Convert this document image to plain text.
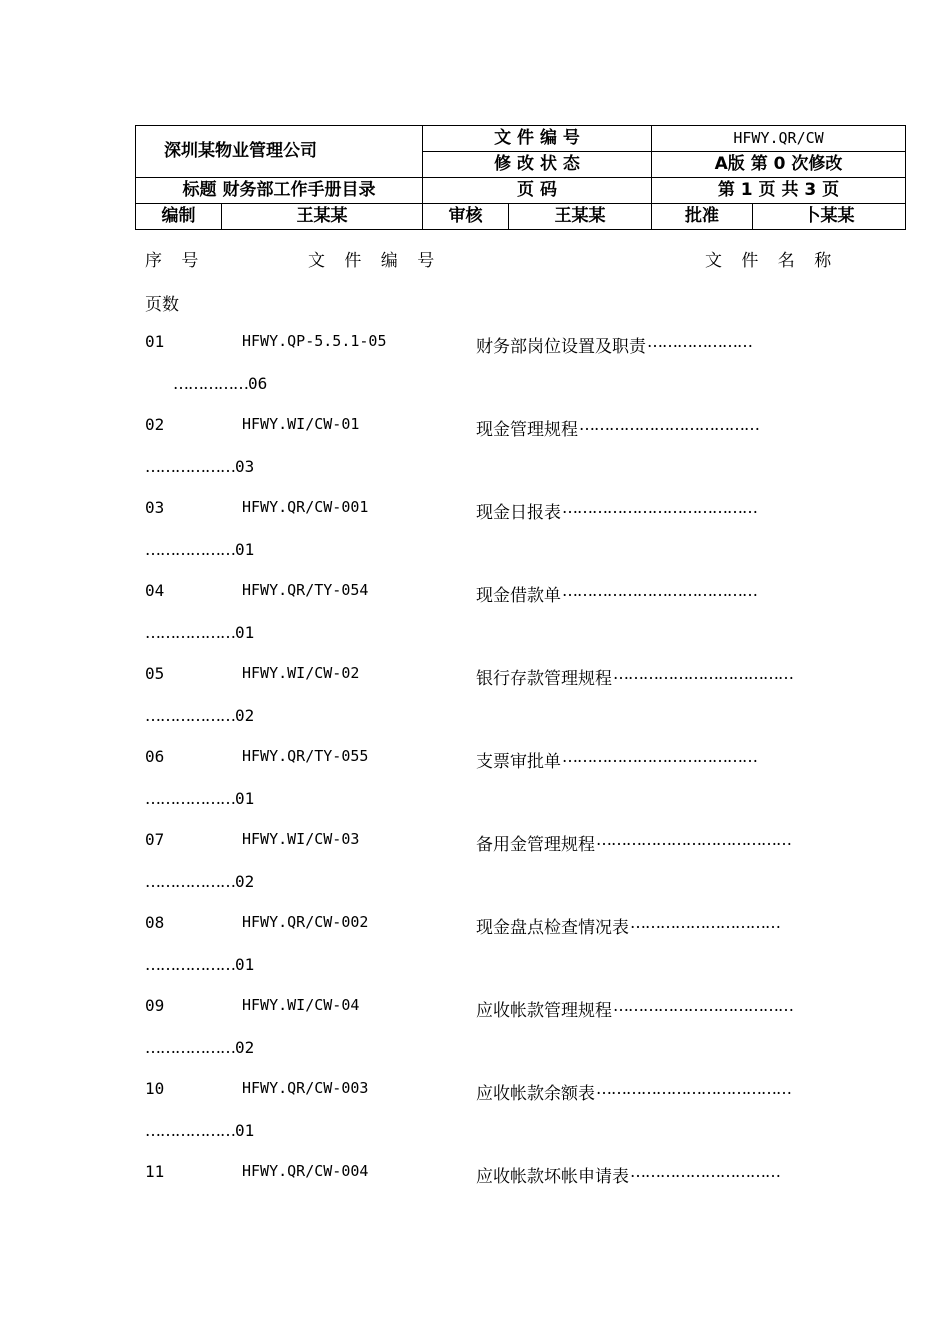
深圳某物业管理公司		文 件 编 号		HFWY.QR/CW	
		修 改 状 态		A版 第 0 次修改	
标题 财务部工作手册目录		页 码		第 1 页 共 3 页	
编制	王某某	审核	王某某	批准	卜某某
序 号	文 件 编 号	文 件 名 称
页数
01	HFWY.QP-5.5.1-05	财务部岗位设置及职责 …………………
……………06
02	HFWY.WI/CW-01	现金管理规程 ………………………………
………………03
03	HFWY.QR/CW-001	现金日报表 …………………………………
………………01
04	HFWY.QR/TY-054	现金借款单 …………………………………
………………01
05	HFWY.WI/CW-02	银行存款管理规程 ………………………………
………………02
06	HFWY.QR/TY-055	支票审批单 …………………………………
………………01
07	HFWY.WI/CW-03	备用金管理规程 …………………………………
………………02
08	HFWY.QR/CW-002	现金盘点检查情况表 …………………………
………………01
09	HFWY.WI/CW-04	应收帐款管理规程 ………………………………
………………02
10	HFWY.QR/CW-003	应收帐款余额表 …………………………………
………………01
11	HFWY.QR/CW-004	应收帐款坏帐申请表 …………………………
